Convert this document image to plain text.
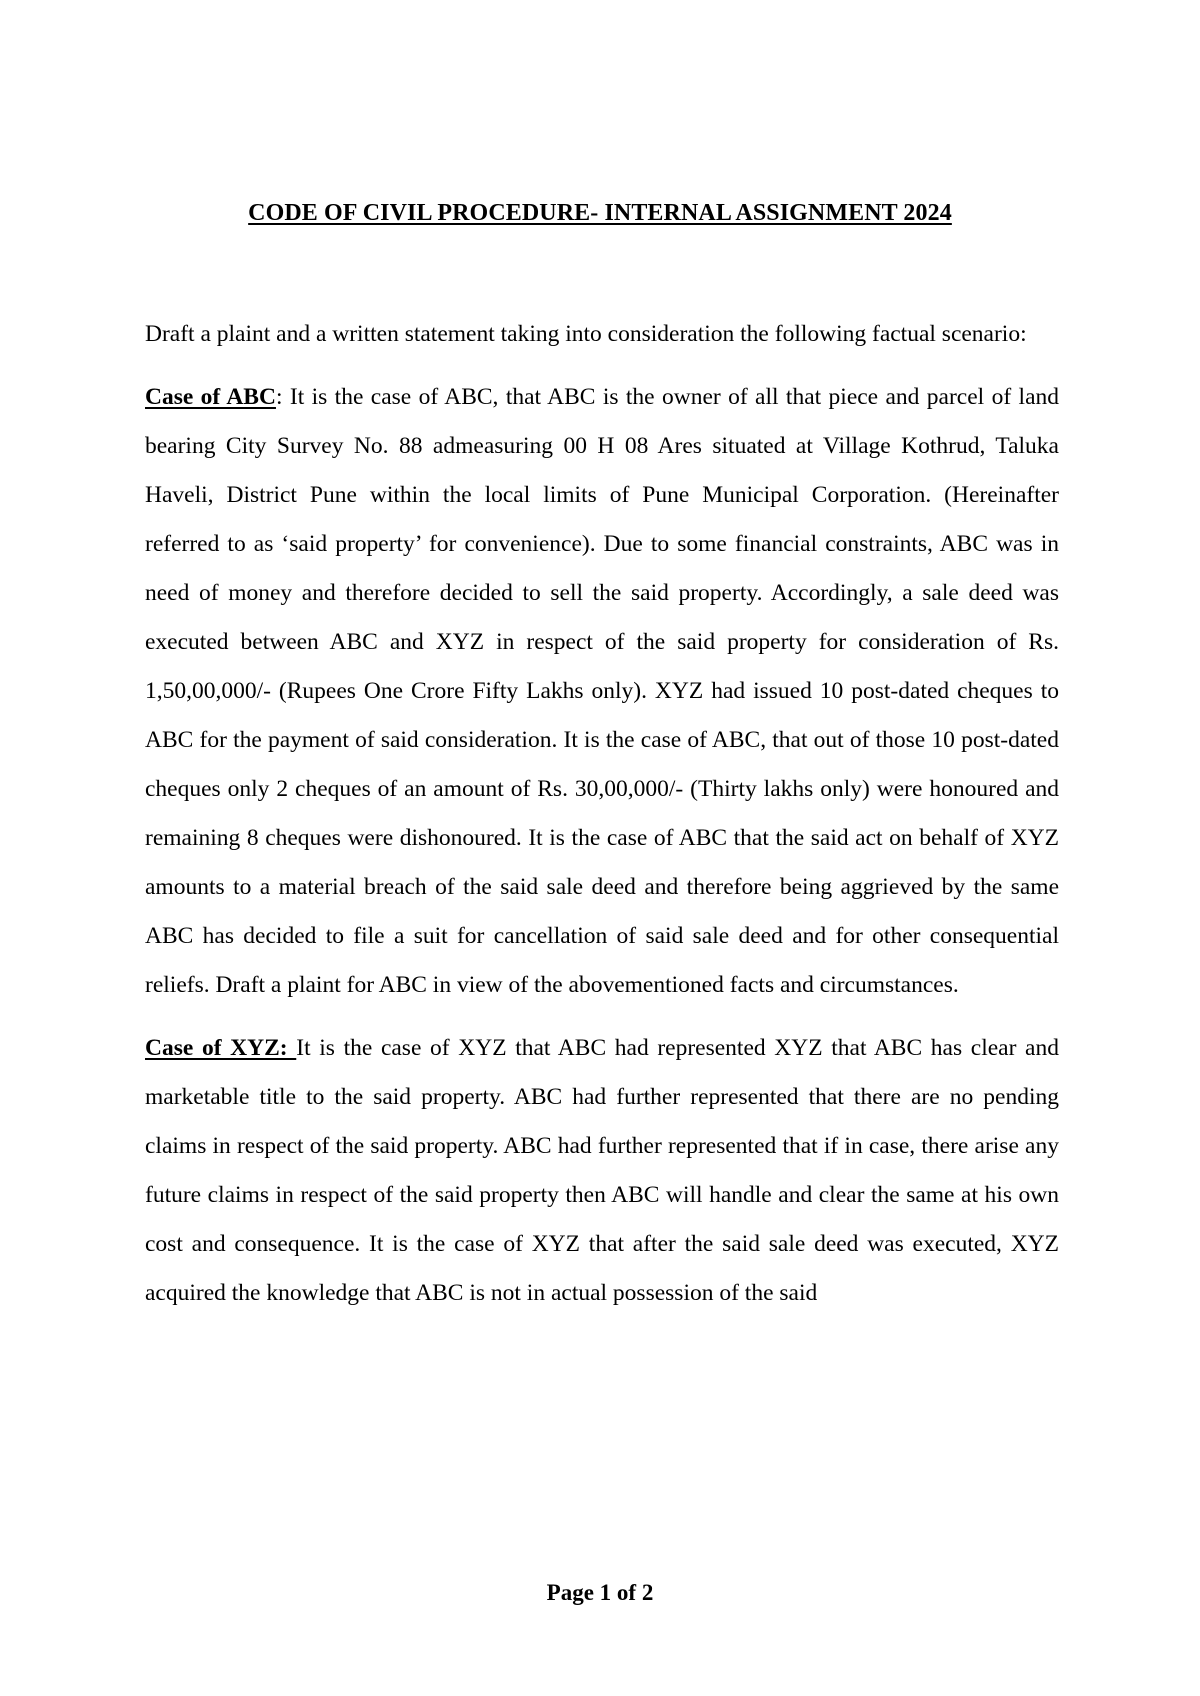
CODE OF CIVIL PROCEDURE- INTERNAL ASSIGNMENT 2024

Draft a plaint and a written statement taking into consideration the following factual scenario:

Case of ABC: It is the case of ABC, that ABC is the owner of all that piece and parcel of land bearing City Survey No. 88 admeasuring 00 H 08 Ares situated at Village Kothrud, Taluka Haveli, District Pune within the local limits of Pune Municipal Corporation. (Hereinafter referred to as ‘said property’ for convenience). Due to some financial constraints, ABC was in need of money and therefore decided to sell the said property. Accordingly, a sale deed was executed between ABC and XYZ in respect of the said property for consideration of Rs. 1,50,00,000/- (Rupees One Crore Fifty Lakhs only). XYZ had issued 10 post-dated cheques to ABC for the payment of said consideration. It is the case of ABC, that out of those 10 post-dated cheques only 2 cheques of an amount of Rs. 30,00,000/- (Thirty lakhs only) were honoured and remaining 8 cheques were dishonoured. It is the case of ABC that the said act on behalf of XYZ amounts to a material breach of the said sale deed and therefore being aggrieved by the same ABC has decided to file a suit for cancellation of said sale deed and for other consequential reliefs. Draft a plaint for ABC in view of the abovementioned facts and circumstances.

Case of XYZ: It is the case of XYZ that ABC had represented XYZ that ABC has clear and marketable title to the said property. ABC had further represented that there are no pending claims in respect of the said property. ABC had further represented that if in case, there arise any future claims in respect of the said property then ABC will handle and clear the same at his own cost and consequence. It is the case of XYZ that after the said sale deed was executed, XYZ acquired the knowledge that ABC is not in actual possession of the said

Page 1 of 2
